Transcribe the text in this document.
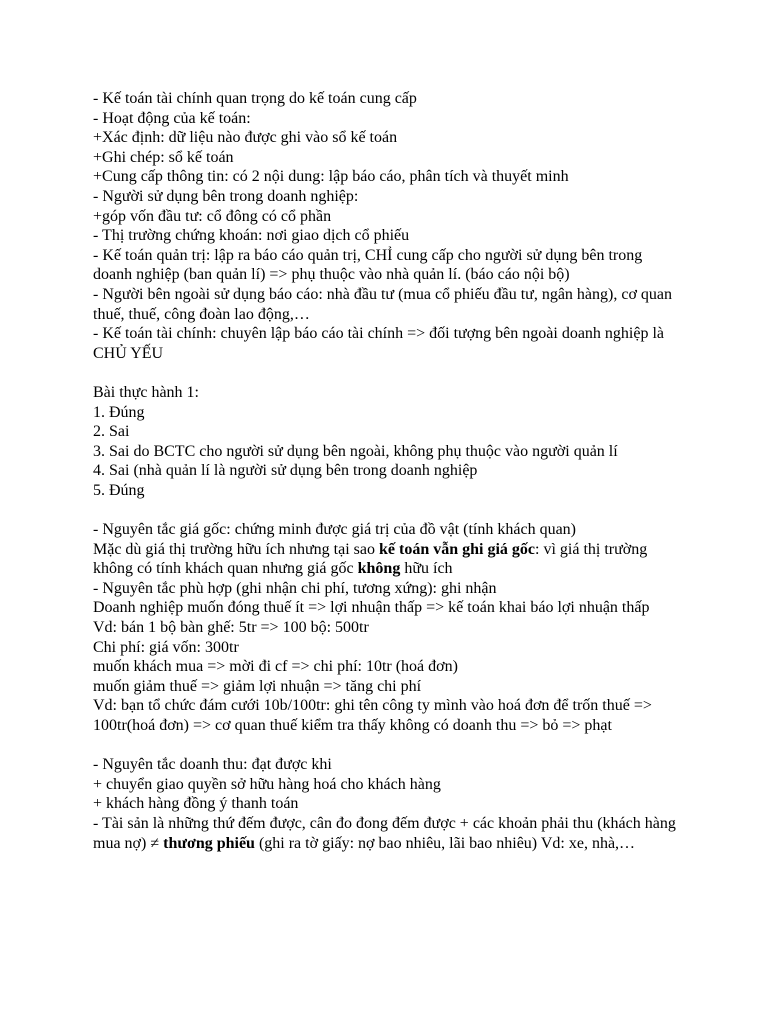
- Kế toán tài chính quan trọng do kế toán cung cấp

- Hoạt động của kế toán:

+Xác định: dữ liệu nào được ghi vào sổ kế toán

+Ghi chép: sổ kế toán

+Cung cấp thông tin: có 2 nội dung: lập báo cáo, phân tích và thuyết minh

- Người sử dụng bên trong doanh nghiệp:

+góp vốn đầu tư: cổ đông có cổ phần

- Thị trường chứng khoán: nơi giao dịch cổ phiếu

- Kế toán quản trị: lập ra báo cáo quản trị, CHỈ cung cấp cho người sử dụng bên trong doanh nghiệp (ban quản lí) => phụ thuộc vào nhà quản lí. (báo cáo nội bộ)

- Người bên ngoài sử dụng báo cáo: nhà đầu tư (mua cổ phiếu đầu tư, ngân hàng), cơ quan thuế, thuế, công đoàn lao động,…

- Kế toán tài chính: chuyên lập báo cáo tài chính => đối tượng bên ngoài doanh nghiệp là CHỦ YẾU

Bài thực hành 1:

1. Đúng

2. Sai

3. Sai do BCTC cho người sử dụng bên ngoài, không phụ thuộc vào người quản lí

4. Sai (nhà quản lí là người sử dụng bên trong doanh nghiệp

5. Đúng

- Nguyên tắc giá gốc: chứng minh được giá trị của đồ vật (tính khách quan)

Mặc dù giá thị trường hữu ích nhưng tại sao kế toán vẫn ghi giá gốc: vì giá thị trường không có tính khách quan nhưng giá gốc không hữu ích

- Nguyên tắc phù hợp (ghi nhận chi phí, tương xứng): ghi nhận

Doanh nghiệp muốn đóng thuế ít => lợi nhuận thấp => kế toán khai báo lợi nhuận thấp

Vd: bán 1 bộ bàn ghế: 5tr => 100 bộ: 500tr

Chi phí: giá vốn: 300tr

muốn khách mua => mời đi cf => chi phí: 10tr (hoá đơn)

muốn giảm thuế => giảm lợi nhuận => tăng chi phí

Vd: bạn tổ chức đám cưới 10b/100tr: ghi tên công ty mình vào hoá đơn để trốn thuế => 100tr(hoá đơn) => cơ quan thuế kiểm tra thấy không có doanh thu => bỏ => phạt

- Nguyên tắc doanh thu: đạt được khi

+ chuyển giao quyền sở hữu hàng hoá cho khách hàng

+ khách hàng đồng ý thanh toán

- Tài sản là những thứ đếm được, cân đo đong đếm được + các khoản phải thu (khách hàng mua nợ) ≠ thương phiếu (ghi ra tờ giấy: nợ bao nhiêu, lãi bao nhiêu) Vd: xe, nhà,…
